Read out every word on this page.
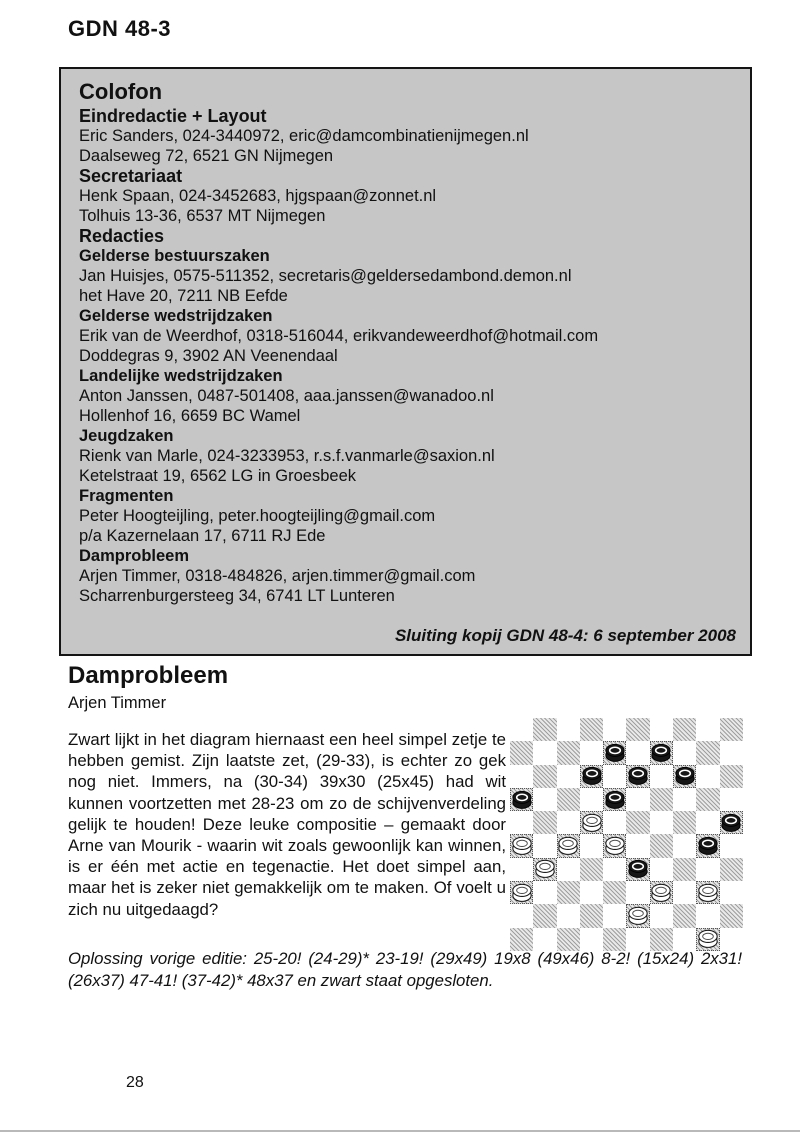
GDN 48-3
Colofon
Eindredactie + Layout
Eric Sanders, 024-3440972, eric@damcombinatienijmegen.nl
Daalseweg 72, 6521 GN Nijmegen
Secretariaat
Henk Spaan, 024-3452683, hjgspaan@zonnet.nl
Tolhuis 13-36, 6537 MT Nijmegen
Redacties
Gelderse bestuurszaken
Jan Huisjes, 0575-511352, secretaris@geldersedambond.demon.nl
het Have 20, 7211 NB Eefde
Gelderse wedstrijdzaken
Erik van de Weerdhof, 0318-516044, erikvandeweerdhof@hotmail.com
Doddegras 9, 3902 AN Veenendaal
Landelijke wedstrijdzaken
Anton Janssen, 0487-501408, aaa.janssen@wanadoo.nl
Hollenhof 16, 6659 BC Wamel
Jeugdzaken
Rienk van Marle, 024-3233953, r.s.f.vanmarle@saxion.nl
Ketelstraat 19, 6562 LG in Groesbeek
Fragmenten
Peter Hoogteijling, peter.hoogteijling@gmail.com
p/a Kazernelaan 17, 6711 RJ Ede
Damprobleem
Arjen Timmer, 0318-484826, arjen.timmer@gmail.com
Scharrenburgersteeg 34, 6741 LT Lunteren
Sluiting kopij GDN 48-4: 6 september 2008
Damprobleem
Arjen Timmer
Zwart lijkt in het diagram hiernaast een heel simpel zetje te hebben gemist. Zijn laatste zet, (29-33), is echter zo gek nog niet. Immers, na (30-34) 39x30 (25x45) had wit kunnen voortzetten met 28-23 om zo de schijvenverdeling gelijk te houden! Deze leuke compositie – gemaakt door Arne van Mourik - waarin wit zoals gewoonlijk kan winnen, is er één met actie en tegenactie. Het doet simpel aan, maar het is zeker niet gemakkelijk om te maken. Of voelt u zich nu uitgedaagd?
Oplossing vorige editie: 25-20! (24-29)* 23-19! (29x49) 19x8 (49x46) 8-2! (15x24) 2x31! (26x37) 47-41! (37-42)* 48x37 en zwart staat opgesloten.
28
